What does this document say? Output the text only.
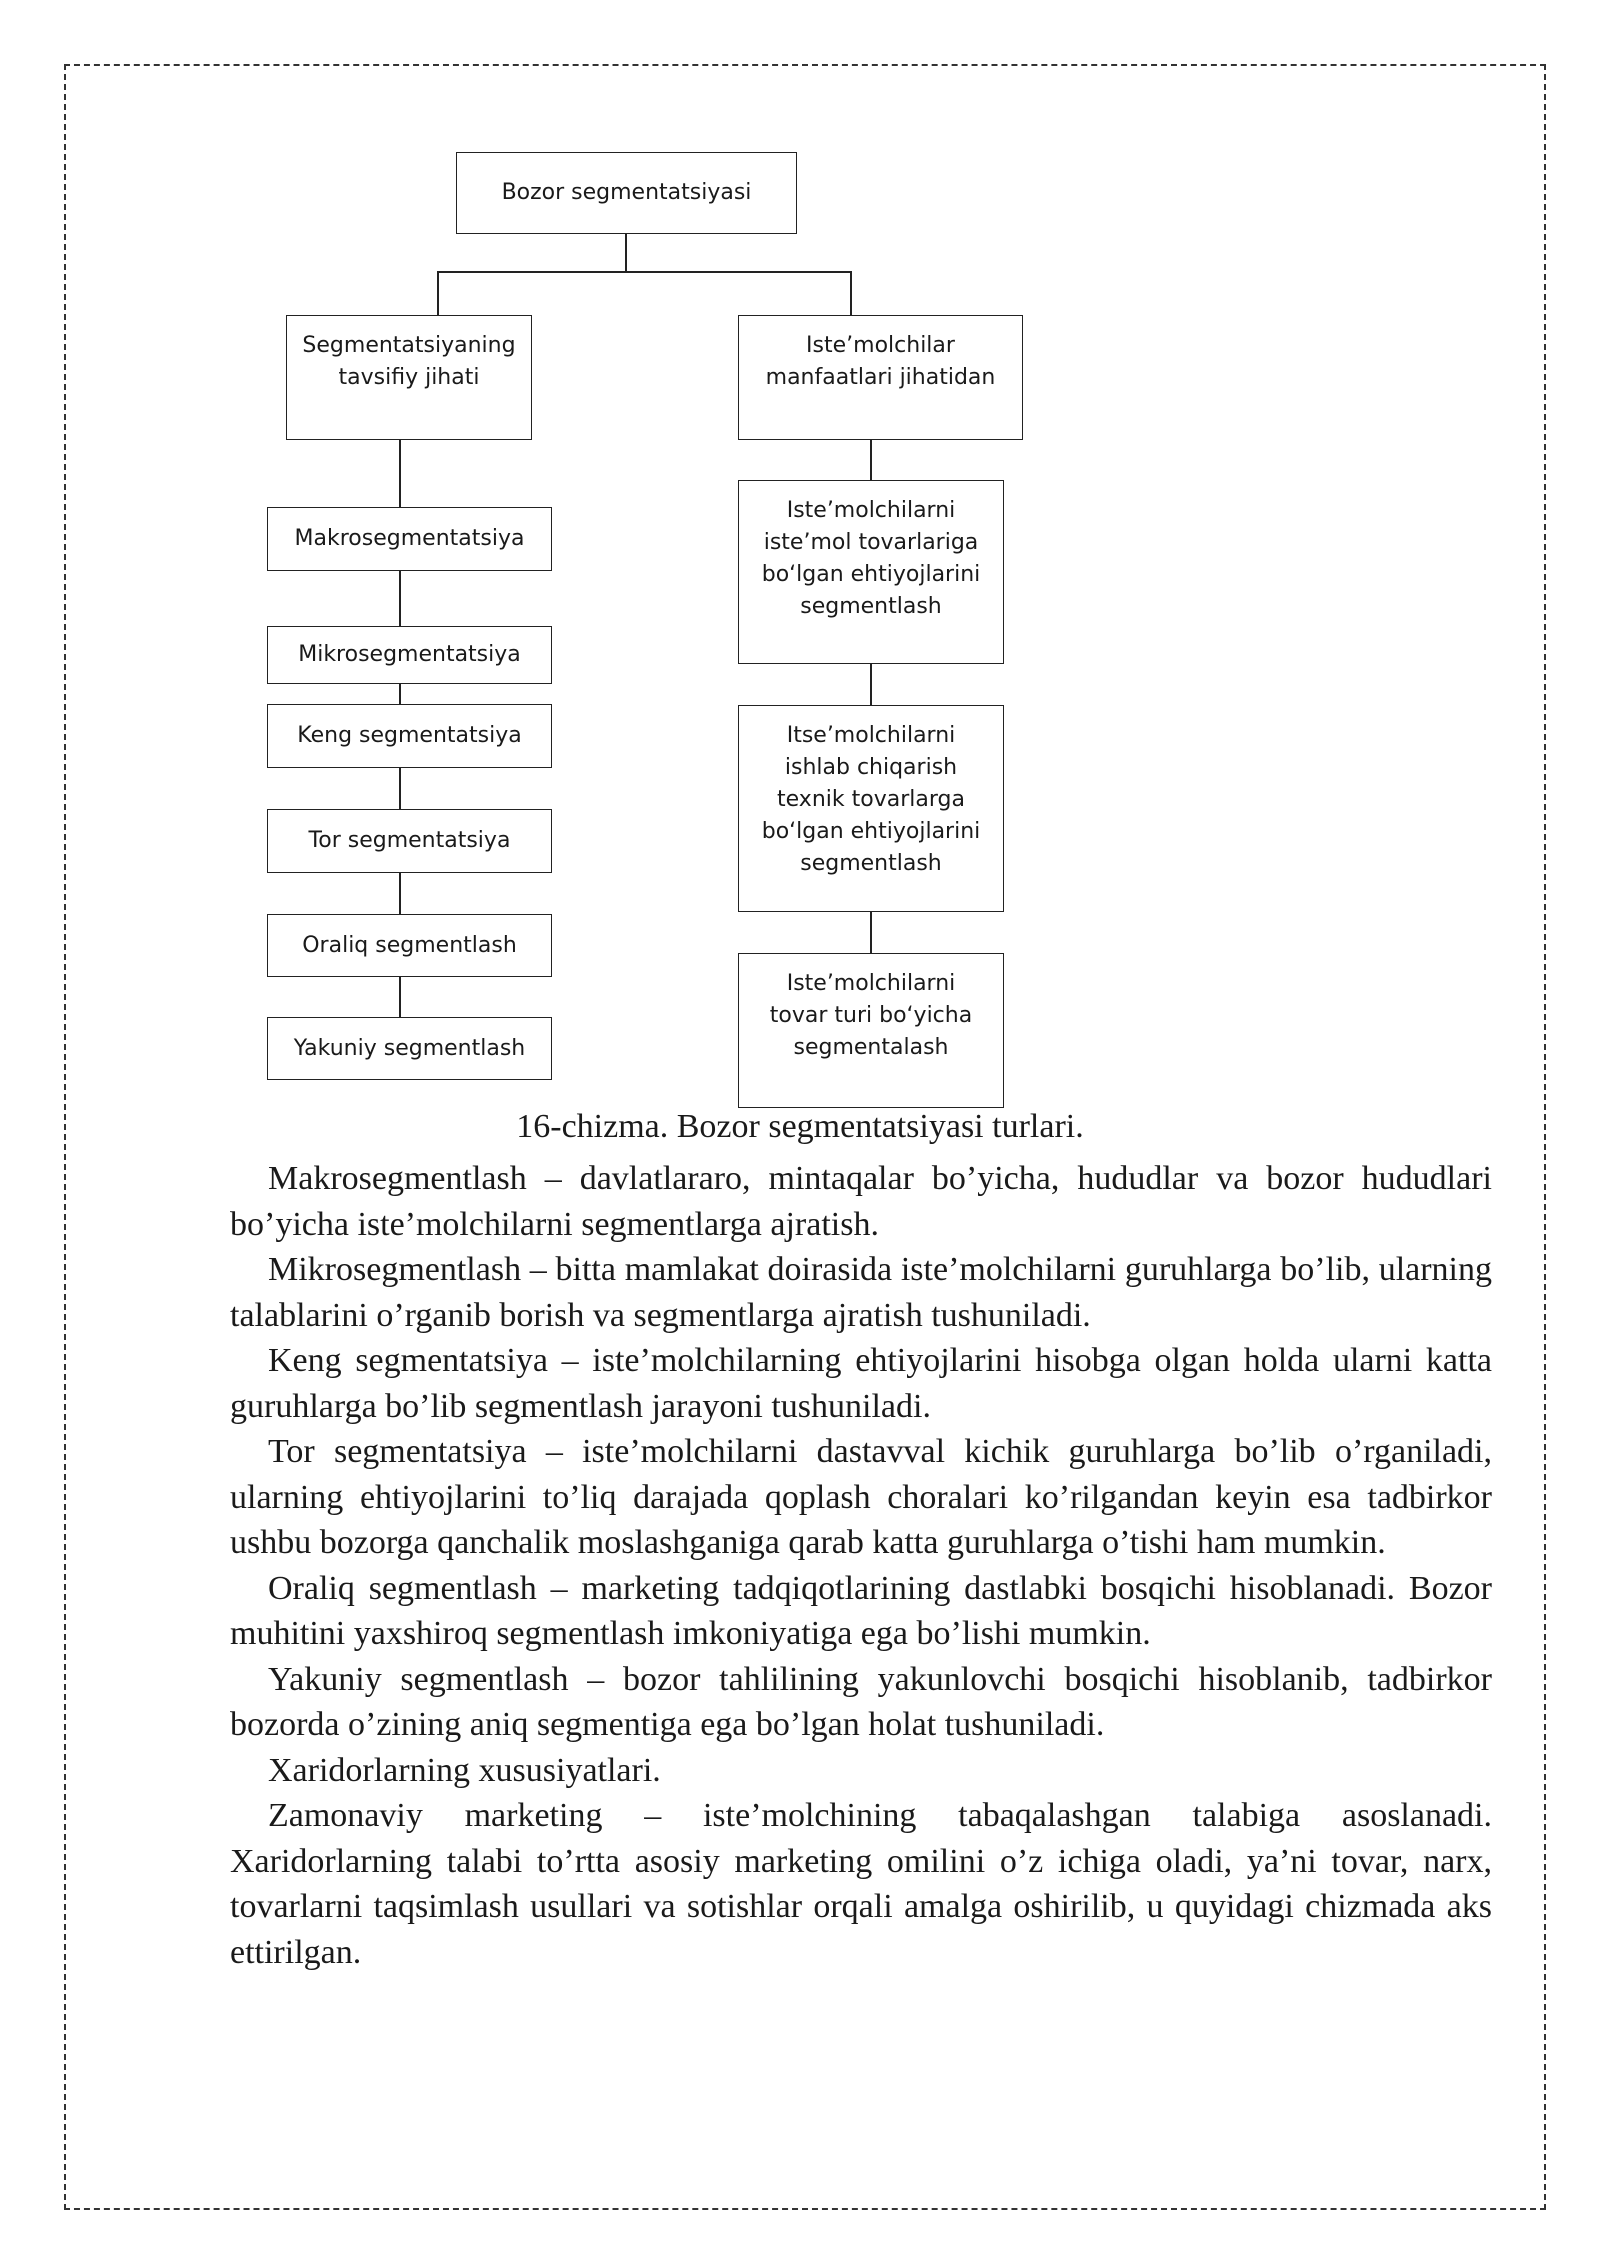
Bozor segmentatsiyasi
Segmentatsiyaning
tavsifiy jihati
Iste’molchilar
manfaatlari jihatidan
Makrosegmentatsiya
Mikrosegmentatsiya
Keng segmentatsiya
Tor segmentatsiya
Oraliq segmentlash
Yakuniy segmentlash
Iste’molchilarni
iste’mol tovarlariga
bo‘lgan ehtiyojlarini
segmentlash
Itse’molchilarni
ishlab chiqarish
texnik tovarlarga
bo‘lgan ehtiyojlarini
segmentlash
Iste’molchilarni
tovar turi bo‘yicha
segmentalash
16-chizma. Bozor segmentatsiyasi turlari.

Makrosegmentlash – davlatlararo, mintaqalar bo’yicha, hududlar va bozor hududlari bo’yicha iste’molchilarni segmentlarga ajratish.

Mikrosegmentlash – bitta mamlakat doirasida iste’molchilarni guruhlarga bo’lib, ularning talablarini o’rganib borish va segmentlarga ajratish tushuniladi.

Keng segmentatsiya – iste’molchilarning ehtiyojlarini hisobga olgan holda ularni katta guruhlarga bo’lib segmentlash jarayoni tushuniladi.

Tor segmentatsiya – iste’molchilarni dastavval kichik guruhlarga bo’lib o’rganiladi, ularning ehtiyojlarini to’liq darajada qoplash choralari ko’rilgandan keyin esa tadbirkor ushbu bozorga qanchalik moslashganiga qarab katta guruhlarga o’tishi ham mumkin.

Oraliq segmentlash – marketing tadqiqotlarining dastlabki bosqichi hisoblanadi. Bozor muhitini yaxshiroq segmentlash imkoniyatiga ega bo’lishi mumkin.

Yakuniy segmentlash – bozor tahlilining yakunlovchi bosqichi hisoblanib, tadbirkor bozorda o’zining aniq segmentiga ega bo’lgan holat tushuniladi.

Xaridorlarning xususiyatlari.

Zamonaviy marketing – iste’molchining tabaqalashgan talabiga asoslanadi. Xaridorlarning talabi to’rtta asosiy marketing omilini o’z ichiga oladi, ya’ni tovar, narx, tovarlarni taqsimlash usullari va sotishlar orqali amalga oshirilib, u quyidagi chizmada aks ettirilgan.
